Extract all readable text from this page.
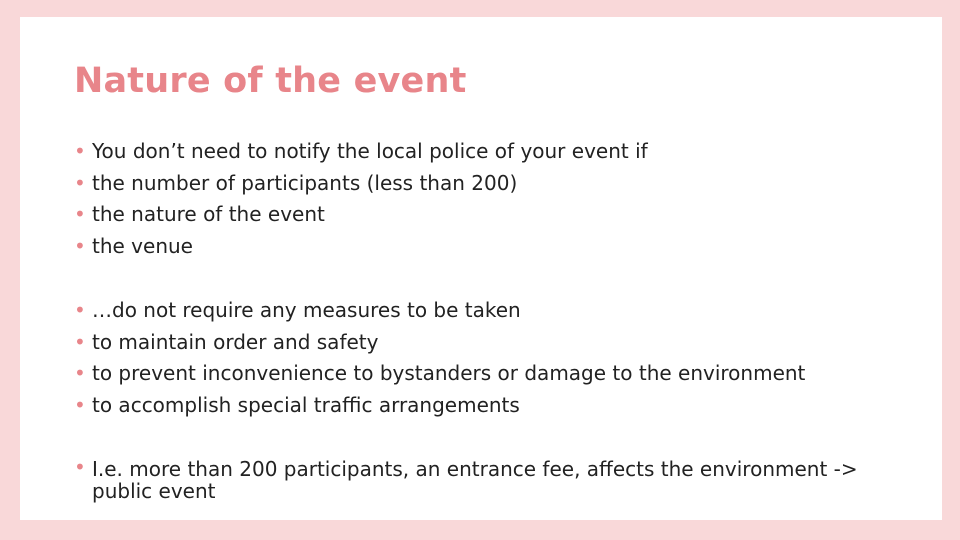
Nature of the event
• You don’t need to notify the local police of your event if
• the number of participants (less than 200)
• the nature of the event
• the venue
• …do not require any measures to be taken
• to maintain order and safety
• to prevent inconvenience to bystanders or damage to the environment
• to accomplish special traffic arrangements
• I.e. more than 200 participants, an entrance fee, affects the environment -> public event
